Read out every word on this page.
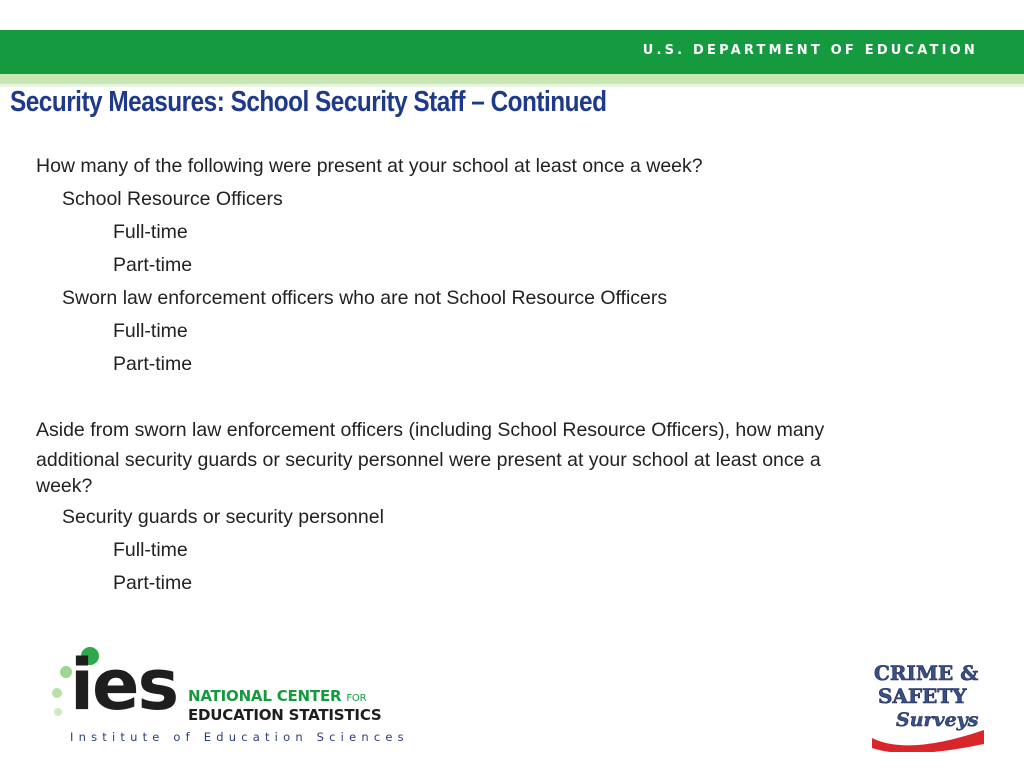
U.S. DEPARTMENT OF EDUCATION
Security Measures: School Security Staff – Continued
How many of the following were present at your school at least once a week?
School Resource Officers
Full-time
Part-time
Sworn law enforcement officers who are not School Resource Officers
Full-time
Part-time
Aside from sworn law enforcement officers (including School Resource Officers), how many
additional security guards or security personnel were present at your school at least once a
week?
Security guards or security personnel
Full-time
Part-time
ies NATIONAL CENTER FOR
EDUCATION STATISTICS
Institute of Education Sciences
CRIME &
SAFETY
Surveys
